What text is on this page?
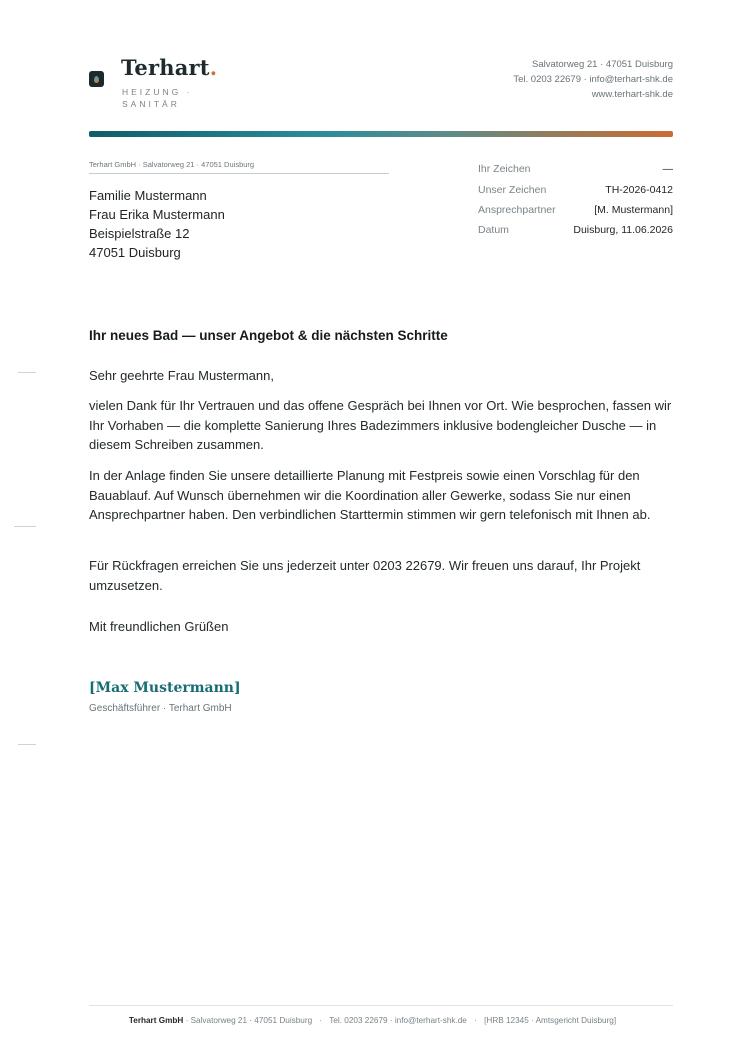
Terhart.
HEIZUNG ·
SANITÄR
Salvatorweg 21 · 47051 Duisburg
Tel. 0203 22679 · info@terhart-shk.de
www.terhart-shk.de
Terhart GmbH · Salvatorweg 21 · 47051 Duisburg
Familie Mustermann
Frau Erika Mustermann
Beispielstraße 12
47051 Duisburg
Ihr Zeichen	—
Unser Zeichen	TH-2026-0412
Ansprechpartner	[M. Mustermann]
Datum	Duisburg, 11.06.2026
Ihr neues Bad — unser Angebot & die nächsten Schritte
Sehr geehrte Frau Mustermann,
vielen Dank für Ihr Vertrauen und das offene Gespräch bei Ihnen vor Ort. Wie besprochen, fassen wir Ihr Vorhaben — die komplette Sanierung Ihres Badezimmers inklusive bodengleicher Dusche — in diesem Schreiben zusammen.
In der Anlage finden Sie unsere detaillierte Planung mit Festpreis sowie einen Vorschlag für den Bauablauf. Auf Wunsch übernehmen wir die Koordination aller Gewerke, sodass Sie nur einen Ansprechpartner haben. Den verbindlichen Starttermin stimmen wir gern telefonisch mit Ihnen ab.
Für Rückfragen erreichen Sie uns jederzeit unter 0203 22679. Wir freuen uns darauf, Ihr Projekt umzusetzen.
Mit freundlichen Grüßen
[Max Mustermann]
Geschäftsführer · Terhart GmbH
Terhart GmbH · Salvatorweg 21 · 47051 Duisburg · Tel. 0203 22679 · info@terhart-shk.de · [HRB 12345 · Amtsgericht Duisburg]
